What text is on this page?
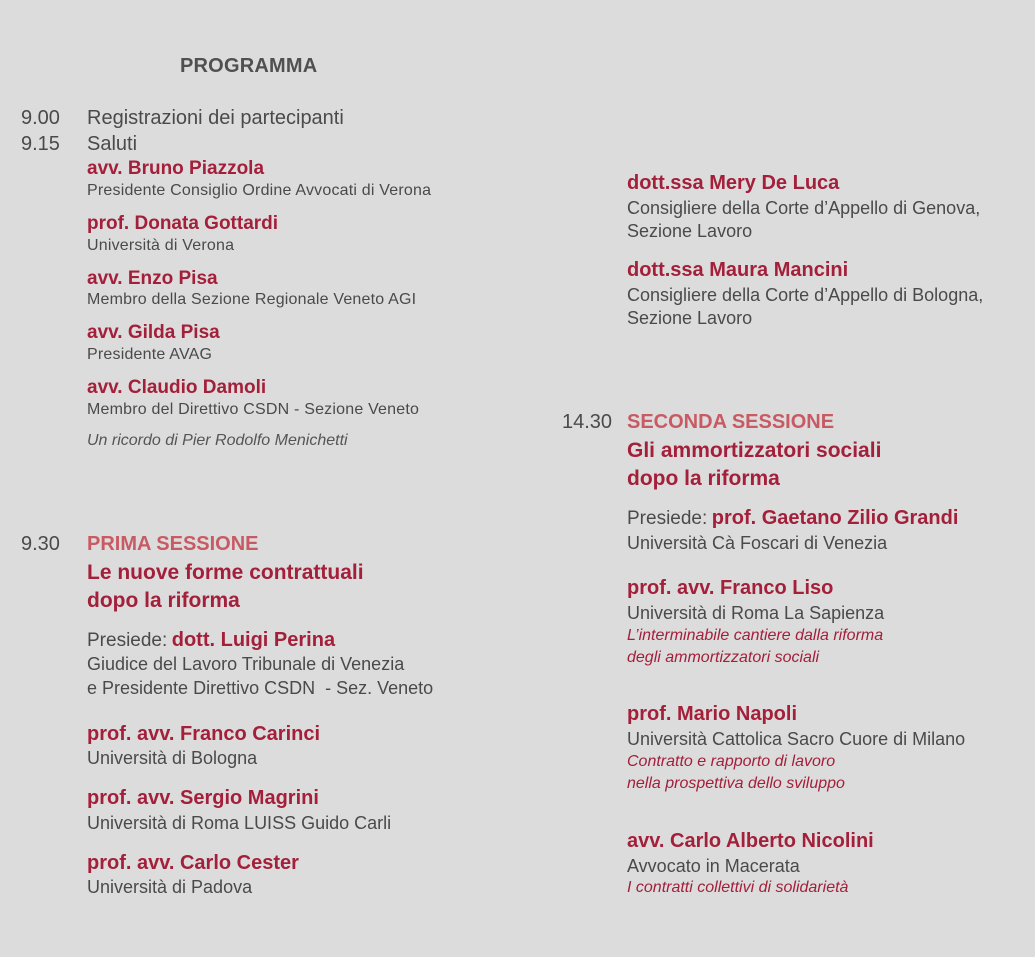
PROGRAMMA
9.00 Registrazioni dei partecipanti
9.15 Saluti
avv. Bruno Piazzola
Presidente Consiglio Ordine Avvocati di Verona
prof. Donata Gottardi
Università di Verona
avv. Enzo Pisa
Membro della Sezione Regionale Veneto AGI
avv. Gilda Pisa
Presidente AVAG
avv. Claudio Damoli
Membro del Direttivo CSDN - Sezione Veneto
Un ricordo di Pier Rodolfo Menichetti
9.30 PRIMA SESSIONE
Le nuove forme contrattuali
dopo la riforma
Presiede: dott. Luigi Perina
Giudice del Lavoro Tribunale di Venezia
e Presidente Direttivo CSDN  - Sez. Veneto
prof. avv. Franco Carinci
Università di Bologna
prof. avv. Sergio Magrini
Università di Roma LUISS Guido Carli
prof. avv. Carlo Cester
Università di Padova
dott.ssa Mery De Luca
Consigliere della Corte d’Appello di Genova,
Sezione Lavoro
dott.ssa Maura Mancini
Consigliere della Corte d’Appello di Bologna,
Sezione Lavoro
14.30 SECONDA SESSIONE
Gli ammortizzatori sociali
dopo la riforma
Presiede: prof. Gaetano Zilio Grandi
Università Cà Foscari di Venezia
prof. avv. Franco Liso
Università di Roma La Sapienza
L’interminabile cantiere dalla riforma
degli ammortizzatori sociali
prof. Mario Napoli
Università Cattolica Sacro Cuore di Milano
Contratto e rapporto di lavoro
nella prospettiva dello sviluppo
avv. Carlo Alberto Nicolini
Avvocato in Macerata
I contratti collettivi di solidarietà
